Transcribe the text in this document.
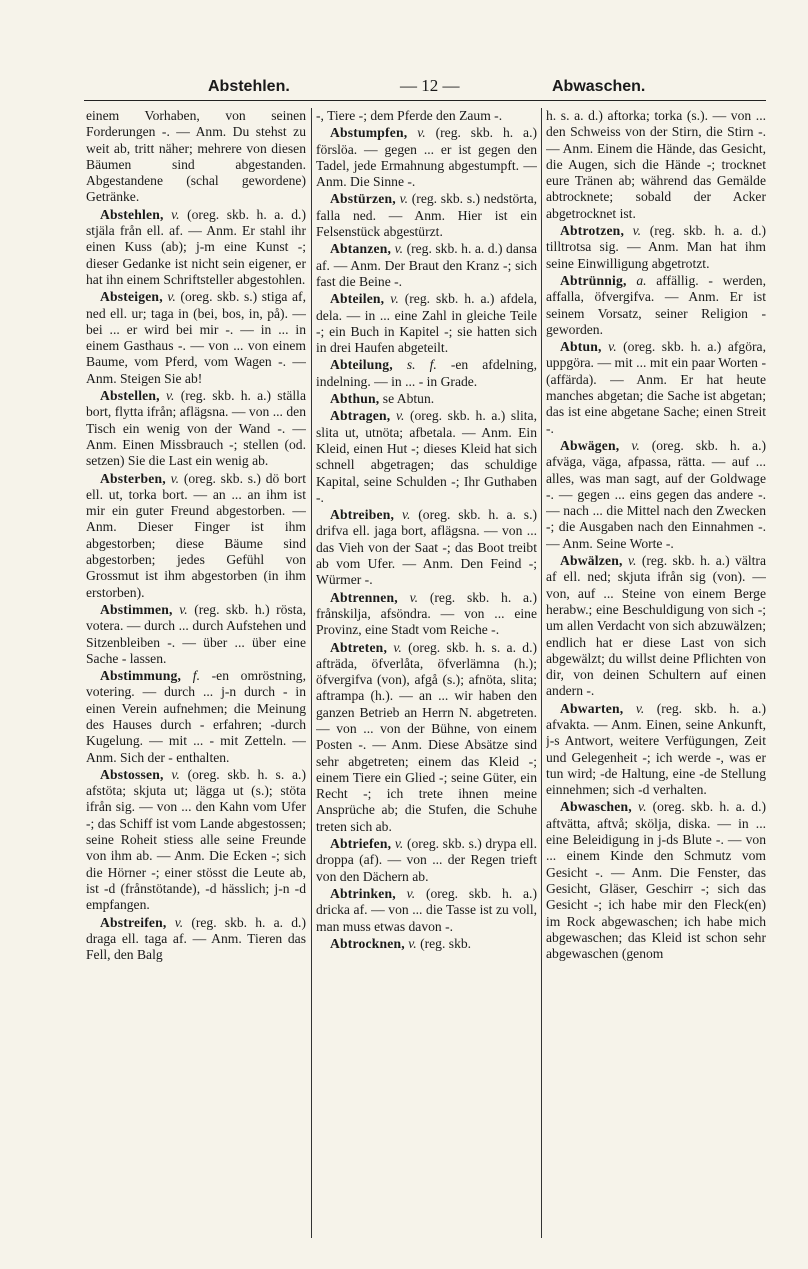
Abstehlen.	— 12 —	Abwaschen.

einem Vorhaben, von seinen Forderungen -. — Anm. Du stehst zu weit ab, tritt näher; mehrere von diesen Bäumen sind abgestanden. Abgestandene (schal gewordene) Getränke.

Abstehlen, v. (oreg. skb. h. a. d.) stjäla från ell. af. — Anm. Er stahl ihr einen Kuss (ab); j-m eine Kunst -; dieser Gedanke ist nicht sein eigener, er hat ihn einem Schriftsteller abgestohlen.

Absteigen, v. (oreg. skb. s.) stiga af, ned ell. ur; taga in (bei, bos, in, på). — bei ... er wird bei mir -. — in ... in einem Gasthaus -. — von ... von einem Baume, vom Pferd, vom Wagen -. — Anm. Steigen Sie ab!

Abstellen, v. (reg. skb. h. a.) ställa bort, flytta ifrån; aflägsna. — von ... den Tisch ein wenig von der Wand -. — Anm. Einen Missbrauch -; stellen (od. setzen) Sie die Last ein wenig ab.

Absterben, v. (oreg. skb. s.) dö bort ell. ut, torka bort. — an ... an ihm ist mir ein guter Freund abgestorben. — Anm. Dieser Finger ist ihm abgestorben; diese Bäume sind abgestorben; jedes Gefühl von Grossmut ist ihm abgestorben (in ihm erstorben).

Abstimmen, v. (reg. skb. h.) rösta, votera. — durch ... durch Aufstehen und Sitzenbleiben -. — über ... über eine Sache - lassen.

Abstimmung, f. -en omröstning, votering. — durch ... j-n durch - in einen Verein aufnehmen; die Meinung des Hauses durch - erfahren; -durch Kugelung. — mit ... - mit Zetteln. — Anm. Sich der - enthalten.

Abstossen, v. (oreg. skb. h. s. a.) afstöta; skjuta ut; lägga ut (s.); stöta ifrån sig. — von ... den Kahn vom Ufer -; das Schiff ist vom Lande abgestossen; seine Roheit stiess alle seine Freunde von ihm ab. — Anm. Die Ecken -; sich die Hörner -; einer stösst die Leute ab, ist -d (frånstötande), -d hässlich; j-n -d empfangen.

Abstreifen, v. (reg. skb. h. a. d.) draga ell. taga af. — Anm. Tieren das Fell, den Balg

-, Tiere -; dem Pferde den Zaum -.

Abstumpfen, v. (reg. skb. h. a.) förslöa. — gegen ... er ist gegen den Tadel, jede Ermahnung abgestumpft. — Anm. Die Sinne -.

Abstürzen, v. (reg. skb. s.) nedstörta, falla ned. — Anm. Hier ist ein Felsenstück abgestürzt.

Abtanzen, v. (reg. skb. h. a. d.) dansa af. — Anm. Der Braut den Kranz -; sich fast die Beine -.

Abteilen, v. (reg. skb. h. a.) afdela, dela. — in ... eine Zahl in gleiche Teile -; ein Buch in Kapitel -; sie hatten sich in drei Haufen abgeteilt.

Abteilung, s. f. -en afdelning, indelning. — in ... - in Grade.

Abthun, se Abtun.

Abtragen, v. (oreg. skb. h. a.) slita, slita ut, utnöta; afbetala. — Anm. Ein Kleid, einen Hut -; dieses Kleid hat sich schnell abgetragen; das schuldige Kapital, seine Schulden -; Ihr Guthaben -.

Abtreiben, v. (oreg. skb. h. a. s.) drifva ell. jaga bort, aflägsna. — von ... das Vieh von der Saat -; das Boot treibt ab vom Ufer. — Anm. Den Feind -; Würmer -.

Abtrennen, v. (reg. skb. h. a.) frånskilja, afsöndra. — von ... eine Provinz, eine Stadt vom Reiche -.

Abtreten, v. (oreg. skb. h. s. a. d.) afträda, öfverlåta, öfverlämna (h.); öfvergifva (von), afgå (s.); afnöta, slita; aftrampa (h.). — an ... wir haben den ganzen Betrieb an Herrn N. abgetreten. — von ... von der Bühne, von einem Posten -. — Anm. Diese Absätze sind sehr abgetreten; einem das Kleid -; einem Tiere ein Glied -; seine Güter, ein Recht -; ich trete ihnen meine Ansprüche ab; die Stufen, die Schuhe treten sich ab.

Abtriefen, v. (oreg. skb. s.) drypa ell. droppa (af). — von ... der Regen trieft von den Dächern ab.

Abtrinken, v. (oreg. skb. h. a.) dricka af. — von ... die Tasse ist zu voll, man muss etwas davon -.

Abtrocknen, v. (reg. skb.

h. s. a. d.) aftorka; torka (s.). — von ... den Schweiss von der Stirn, die Stirn -. — Anm. Einem die Hände, das Gesicht, die Augen, sich die Hände -; trocknet eure Tränen ab; während das Gemälde abtrocknete; sobald der Acker abgetrocknet ist.

Abtrotzen, v. (reg. skb. h. a. d.) tilltrotsa sig. — Anm. Man hat ihm seine Einwilligung abgetrotzt.

Abtrünnig, a. affällig. - werden, affalla, öfvergifva. — Anm. Er ist seinem Vorsatz, seiner Religion - geworden.

Abtun, v. (oreg. skb. h. a.) afgöra, uppgöra. — mit ... mit ein paar Worten - (affärda). — Anm. Er hat heute manches abgetan; die Sache ist abgetan; das ist eine abgetane Sache; einen Streit -.

Abwägen, v. (oreg. skb. h. a.) afväga, väga, afpassa, rätta. — auf ... alles, was man sagt, auf der Goldwage -. — gegen ... eins gegen das andere -. — nach ... die Mittel nach den Zwecken -; die Ausgaben nach den Einnahmen -. — Anm. Seine Worte -.

Abwälzen, v. (reg. skb. h. a.) vältra af ell. ned; skjuta ifrån sig (von). — von, auf ... Steine von einem Berge herabw.; eine Beschuldigung von sich -; um allen Verdacht von sich abzuwälzen; endlich hat er diese Last von sich abgewälzt; du willst deine Pflichten von dir, von deinen Schultern auf einen andern -.

Abwarten, v. (reg. skb. h. a.) afvakta. — Anm. Einen, seine Ankunft, j-s Antwort, weitere Verfügungen, Zeit und Gelegenheit -; ich werde -, was er tun wird; -de Haltung, eine -de Stellung einnehmen; sich -d verhalten.

Abwaschen, v. (oreg. skb. h. a. d.) aftvätta, aftvå; skölja, diska. — in ... eine Beleidigung in j-ds Blute -. — von ... einem Kinde den Schmutz vom Gesicht -. — Anm. Die Fenster, das Gesicht, Gläser, Geschirr -; sich das Gesicht -; ich habe mir den Fleck(en) im Rock abgewaschen; ich habe mich abgewaschen; das Kleid ist schon sehr abgewaschen (genom
